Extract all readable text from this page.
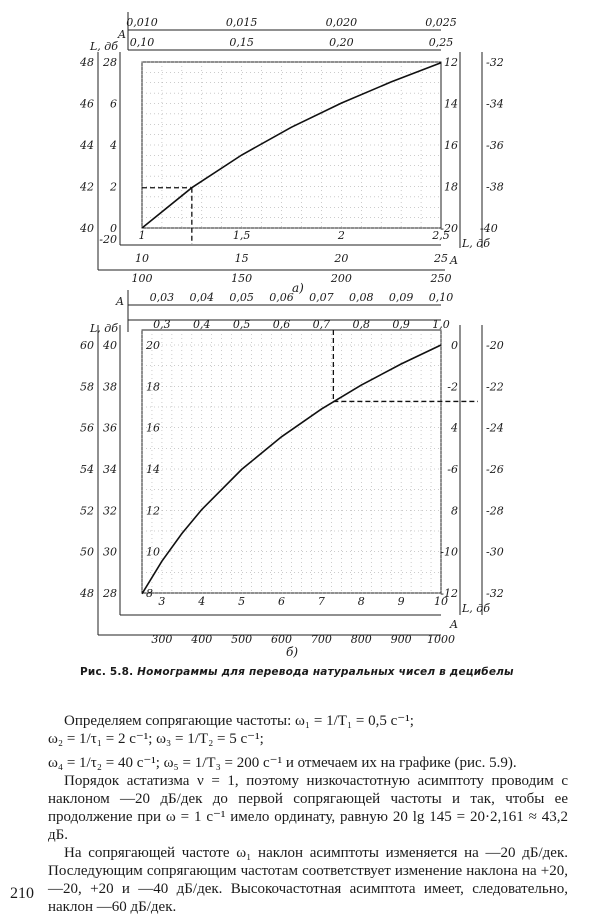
0,010	0,015	0,020	0,025
0,10	0,15	0,20	0,25
A
L, дб
48
46
44
42
40
28
6
4
2
0
-20
12
14
16
18
-32
-34
-36
-38
-20 -40
L, дб
1	1,5	2	2,5
10	15	20	25
100	150	200	250
A
0,03 0,04 0,05 0,06 0,07 0,08 0,09 0,10
0,3 0,4 0,5 0,6 0,7 0,8 0,9 1,0
A
L, дб
60
58
56
54
52
50
48
40
38
36
34
32
30
28
20
18
16
14
12
10
8
0
-2
4
-6
8
-10
-12
-20
-22
-24
-26
-28
-30
-32
L, дб
3	4	5	6	7	8	9	10
300 400 500 600 700 800 900 1000
A
а)
б)
Рис. 5.8. Номограммы для перевода натуральных чисел в децибелы

Определяем сопрягающие частоты: ω₁ = 1/T₁ = 0,5 с⁻¹;

ω₂ = 1/τ₁ = 2 с⁻¹; ω₃ = 1/T₂ = 5 с⁻¹;

ω₄ = 1/τ₂ = 40 с⁻¹; ω₅ = 1/T₃ = 200 с⁻¹ и отмечаем их на графике (рис. 5.9).

Порядок астатизма ν = 1, поэтому низкочастотную асимптоту проводим с наклоном —20 дБ/дек до первой сопрягающей частоты и так, чтобы ее продолжение при ω = 1 с⁻¹ имело ординату, равную 20 lg 145 = 20·2,161 ≈ 43,2 дБ.

На сопрягающей частоте ω₁ наклон асимптоты изменяется на —20 дБ/дек. Последующим сопрягающим частотам соответствует изменение наклона на +20, —20, +20 и —40 дБ/дек. Высокочастотная асимптота имеет, следовательно, наклон —60 дБ/дек.

210
